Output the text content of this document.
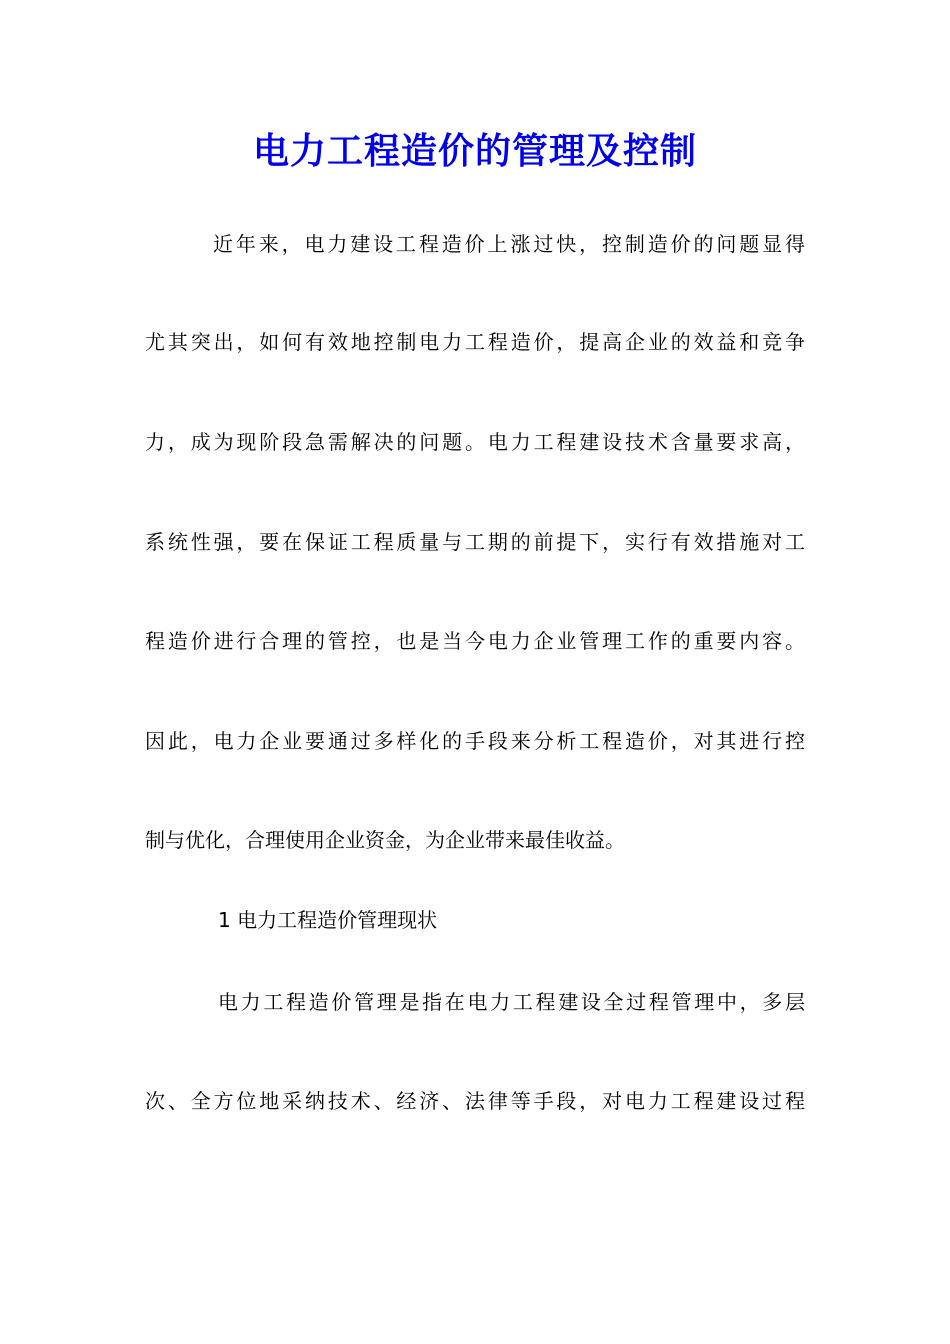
电力工程造价的管理及控制

近年来，电力建设工程造价上涨过快，控制造价的问题显得

尤其突出，如何有效地控制电力工程造价，提高企业的效益和竞争

力，成为现阶段急需解决的问题。电力工程建设技术含量要求高，

系统性强，要在保证工程质量与工期的前提下，实行有效措施对工

程造价进行合理的管控，也是当今电力企业管理工作的重要内容。

因此，电力企业要通过多样化的手段来分析工程造价，对其进行控

制与优化，合理使用企业资金，为企业带来最佳收益。

1 电力工程造价管理现状

电力工程造价管理是指在电力工程建设全过程管理中，多层

次、全方位地采纳技术、经济、法律等手段，对电力工程建设过程
